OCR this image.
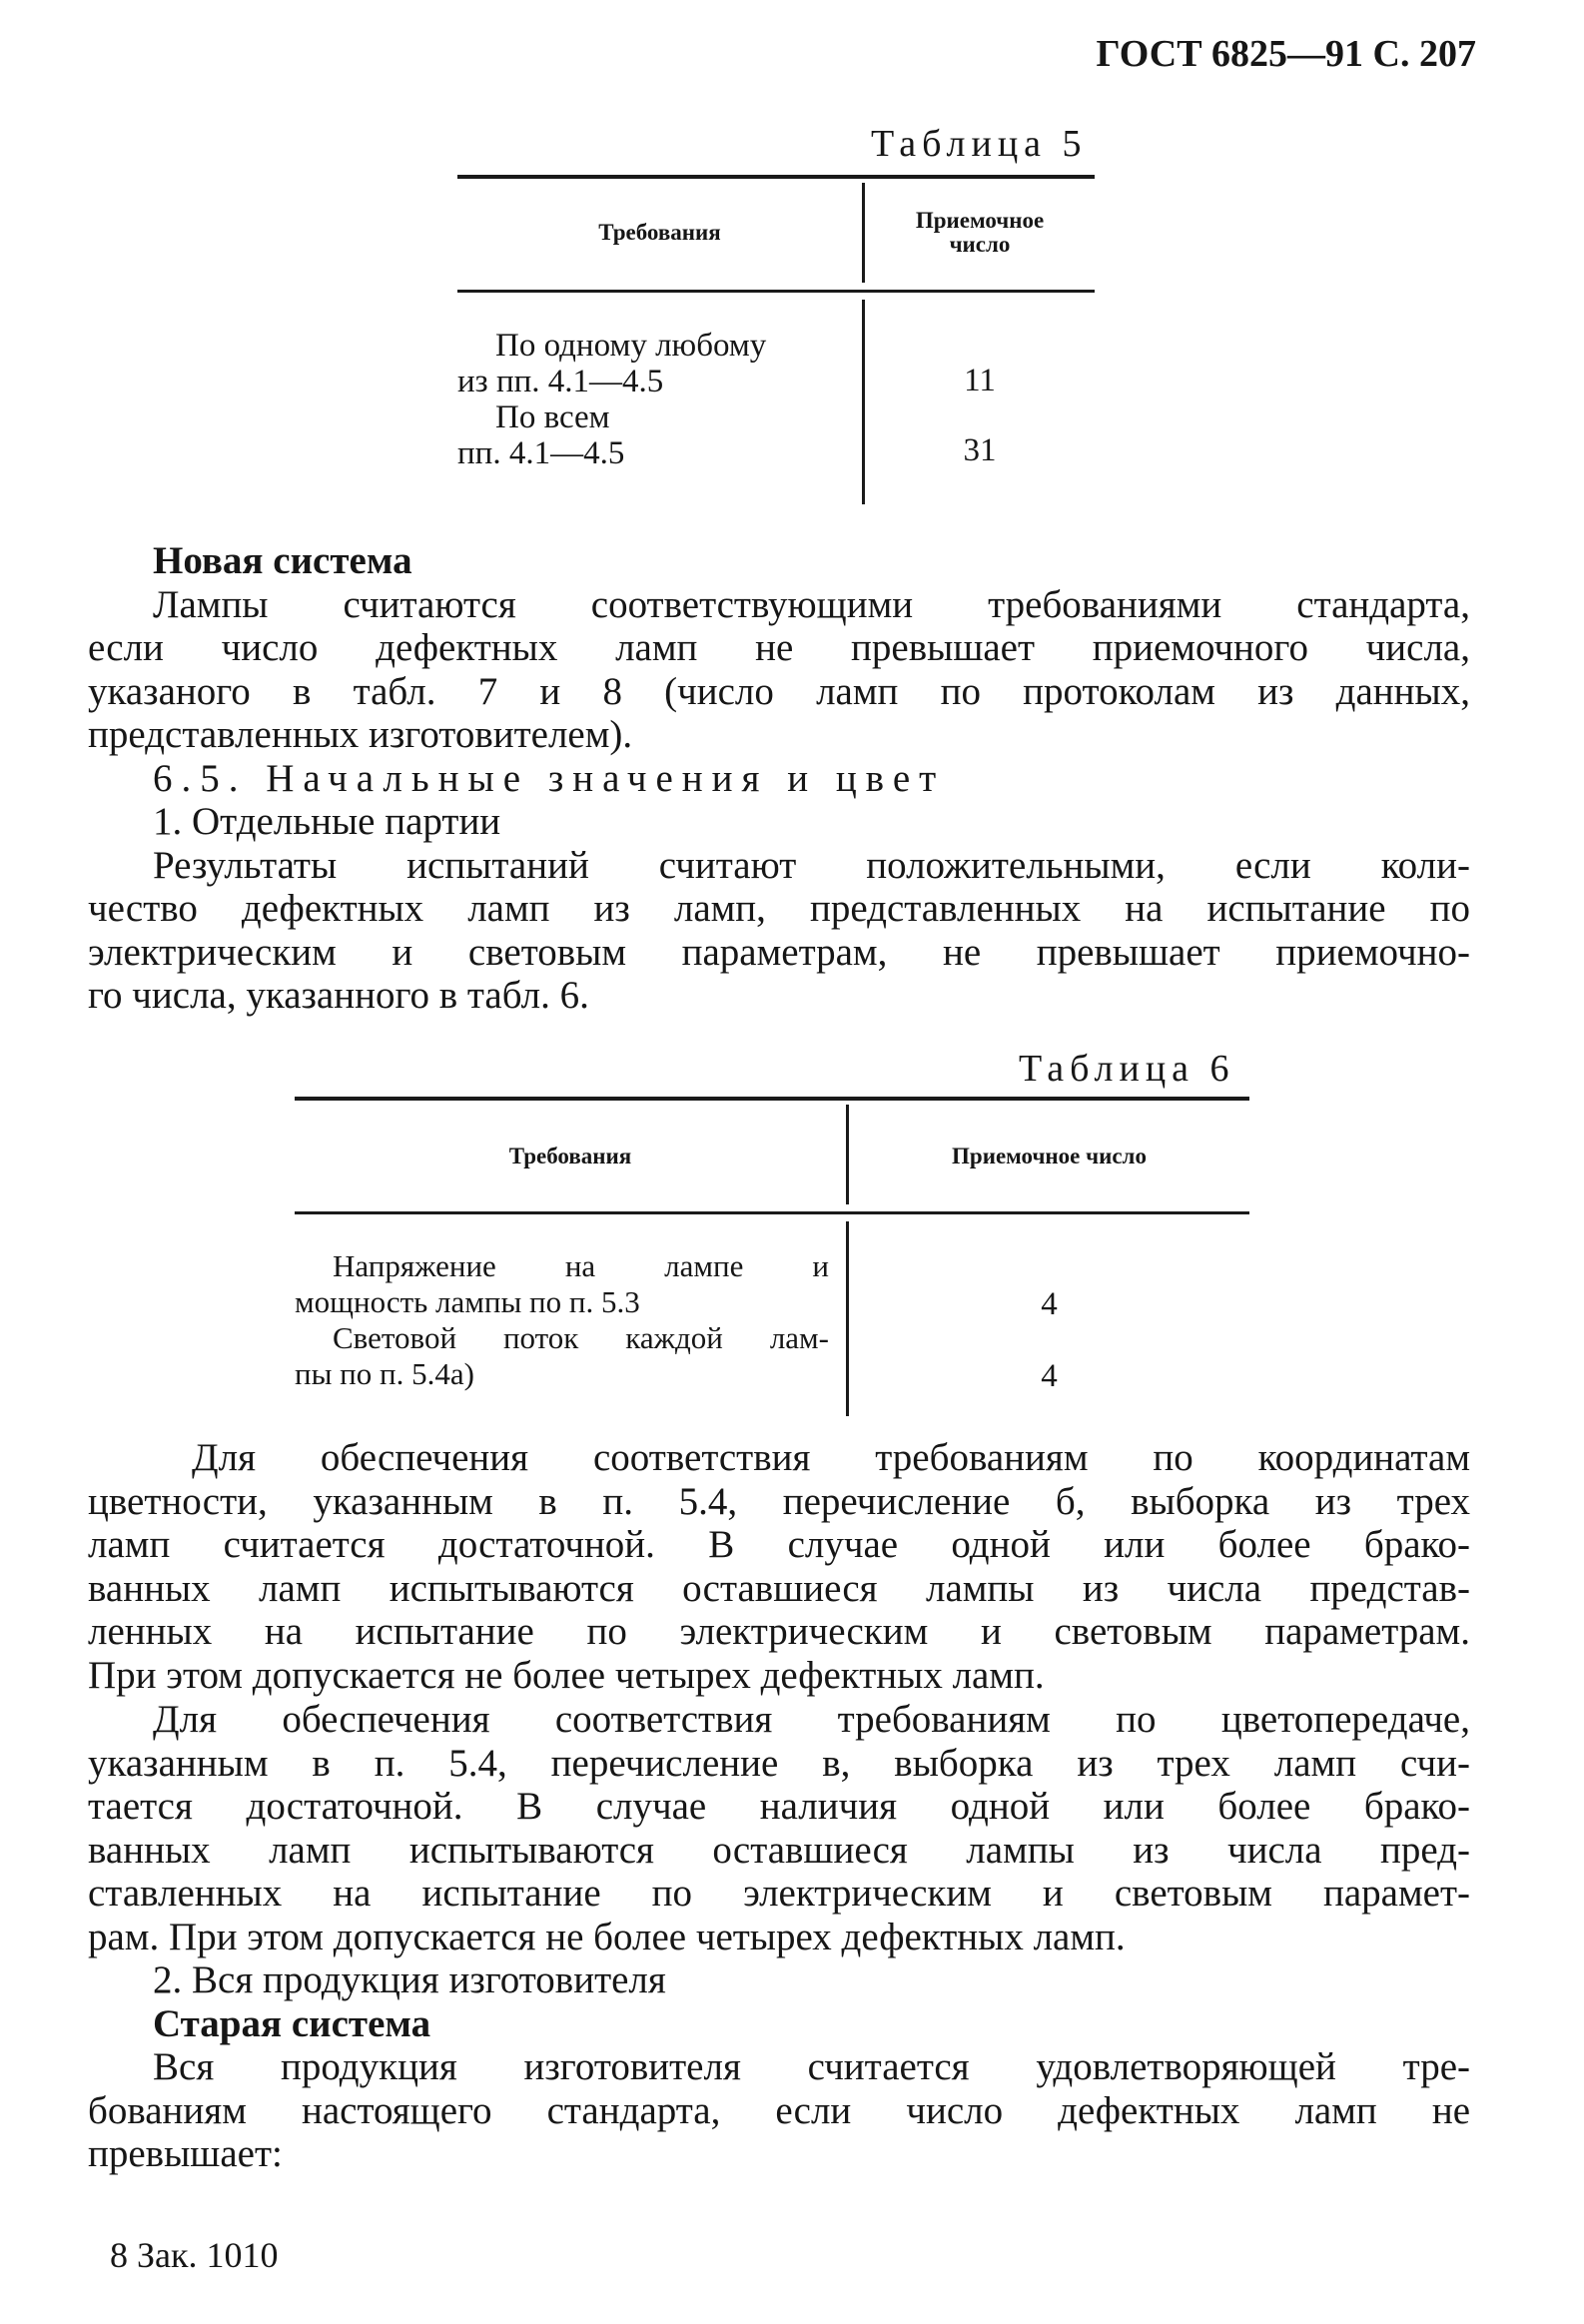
ГОСТ 6825—91 С. 207
Таблица 5
Требования	Приемочное
число
По одному любому
из пп. 4.1—4.5	11
По всем
пп. 4.1—4.5	31
Новая система
Лампы считаются соответствующими требованиями стандарта,
если число дефектных ламп не превышает приемочного числа,
указаного в табл. 7 и 8 (число ламп по протоколам из данных,
представленных изготовителем).
6.5. Начальные значения и цвет
1. Отдельные партии
Результаты испытаний считают положительными, если коли-
чество дефектных ламп из ламп, представленных на испытание по
электрическим и световым параметрам, не превышает приемочно-
го числа, указанного в табл. 6.
Таблица 6
Требования	Приемочное число
Напряжение на лампе и
мощность лампы по п. 5.3	4
Световой поток каждой лам-
пы по п. 5.4а)	4
Для обеспечения соответствия требованиям по координатам
цветности, указанным в п. 5.4, перечисление б, выборка из трех
ламп считается достаточной. В случае одной или более брако-
ванных ламп испытываются оставшиеся лампы из числа представ-
ленных на испытание по электрическим и световым параметрам.
При этом допускается не более четырех дефектных ламп.
Для обеспечения соответствия требованиям по цветопередаче,
указанным в п. 5.4, перечисление в, выборка из трех ламп счи-
тается достаточной. В случае наличия одной или более брако-
ванных ламп испытываются оставшиеся лампы из числа пред-
ставленных на испытание по электрическим и световым парамет-
рам. При этом допускается не более четырех дефектных ламп.
2. Вся продукция изготовителя
Старая система
Вся продукция изготовителя считается удовлетворяющей тре-
бованиям настоящего стандарта, если число дефектных ламп не
превышает:
8 Зак. 1010
